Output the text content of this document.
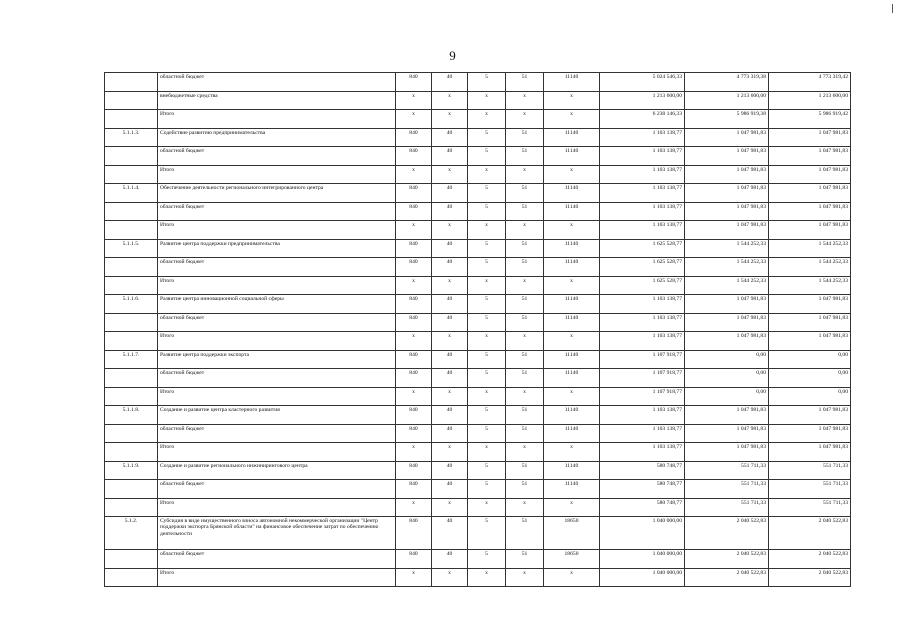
9
	областной бюджет	840	40	5	51	11140	5 024 546,33	4 773 319,38	4 773 319,42
	внебюджетные средства	х	х	х	х	х	1 213 600,00	1 213 600,00	1 213 600,00
	Итого	х	х	х	х	х	6 238 146,33	5 986 919,38	5 986 919,42
5.1.1.3.	Содействие развитию предпринимательства	840	40	5	51	11140	1 103 138,77	1 047 981,83	1 047 981,83
	областной бюджет	840	40	5	51	11140	1 103 138,77	1 047 981,83	1 047 981,83
	Итого	х	х	х	х	х	1 103 138,77	1 047 981,83	1 047 981,83
5.1.1.4.	Обеспечение деятельности регионального интегрированного центра	840	40	5	51	11140	1 103 138,77	1 047 981,83	1 047 981,83
	областной бюджет	840	40	5	51	11140	1 103 138,77	1 047 981,83	1 047 981,83
	Итого	х	х	х	х	х	1 103 138,77	1 047 981,83	1 047 981,83
5.1.1.5.	Развитие центра поддержки предпринимательства	840	40	5	51	11140	1 625 528,77	1 544 252,33	1 544 252,33
	областной бюджет	840	40	5	51	11140	1 625 528,77	1 544 252,33	1 544 252,33
	Итого	х	х	х	х	х	1 625 528,77	1 544 252,33	1 544 252,33
5.1.1.6.	Развитие центра инновационной социальной сферы	840	40	5	51	11140	1 103 138,77	1 047 981,83	1 047 981,83
	областной бюджет	840	40	5	51	11140	1 103 138,77	1 047 981,83	1 047 981,83
	Итого	х	х	х	х	х	1 103 138,77	1 047 981,83	1 047 981,83
5.1.1.7.	Развитие центра поддержки экспорта	840	40	5	51	11140	1 107 918,77	0,00	0,00
	областной бюджет	840	40	5	51	11140	1 107 918,77	0,00	0,00
	Итого	х	х	х	х	х	1 107 918,77	0,00	0,00
5.1.1.8.	Создание и развитие центра кластерного развития	840	40	5	51	11140	1 103 138,77	1 047 981,83	1 047 981,83
	областной бюджет	840	40	5	51	11140	1 103 138,77	1 047 981,83	1 047 981,83
	Итого	х	х	х	х	х	1 103 138,77	1 047 981,83	1 047 981,83
5.1.1.9.	Создание и развитие регионального инжинирингового центра	840	40	5	51	11140	580 748,77	551 711,33	551 711,33
	областной бюджет	840	40	5	51	11140	580 748,77	551 711,33	551 711,33
	Итого	х	х	х	х	х	580 748,77	551 711,33	551 711,33
5.1.2.	Субсидия в виде имущественного взноса автономной некоммерческой организации "Центр поддержки экспорта Брянской области" на финансовое обеспечение затрат по обеспечению деятельности	840	40	5	51	18650	1 040 000,00	2 040 522,83	2 040 522,83
	областной бюджет	840	40	5	51	18650	1 040 000,00	2 040 522,83	2 040 522,83
	Итого	х	х	х	х	х	1 040 000,00	2 040 522,83	2 040 522,83
